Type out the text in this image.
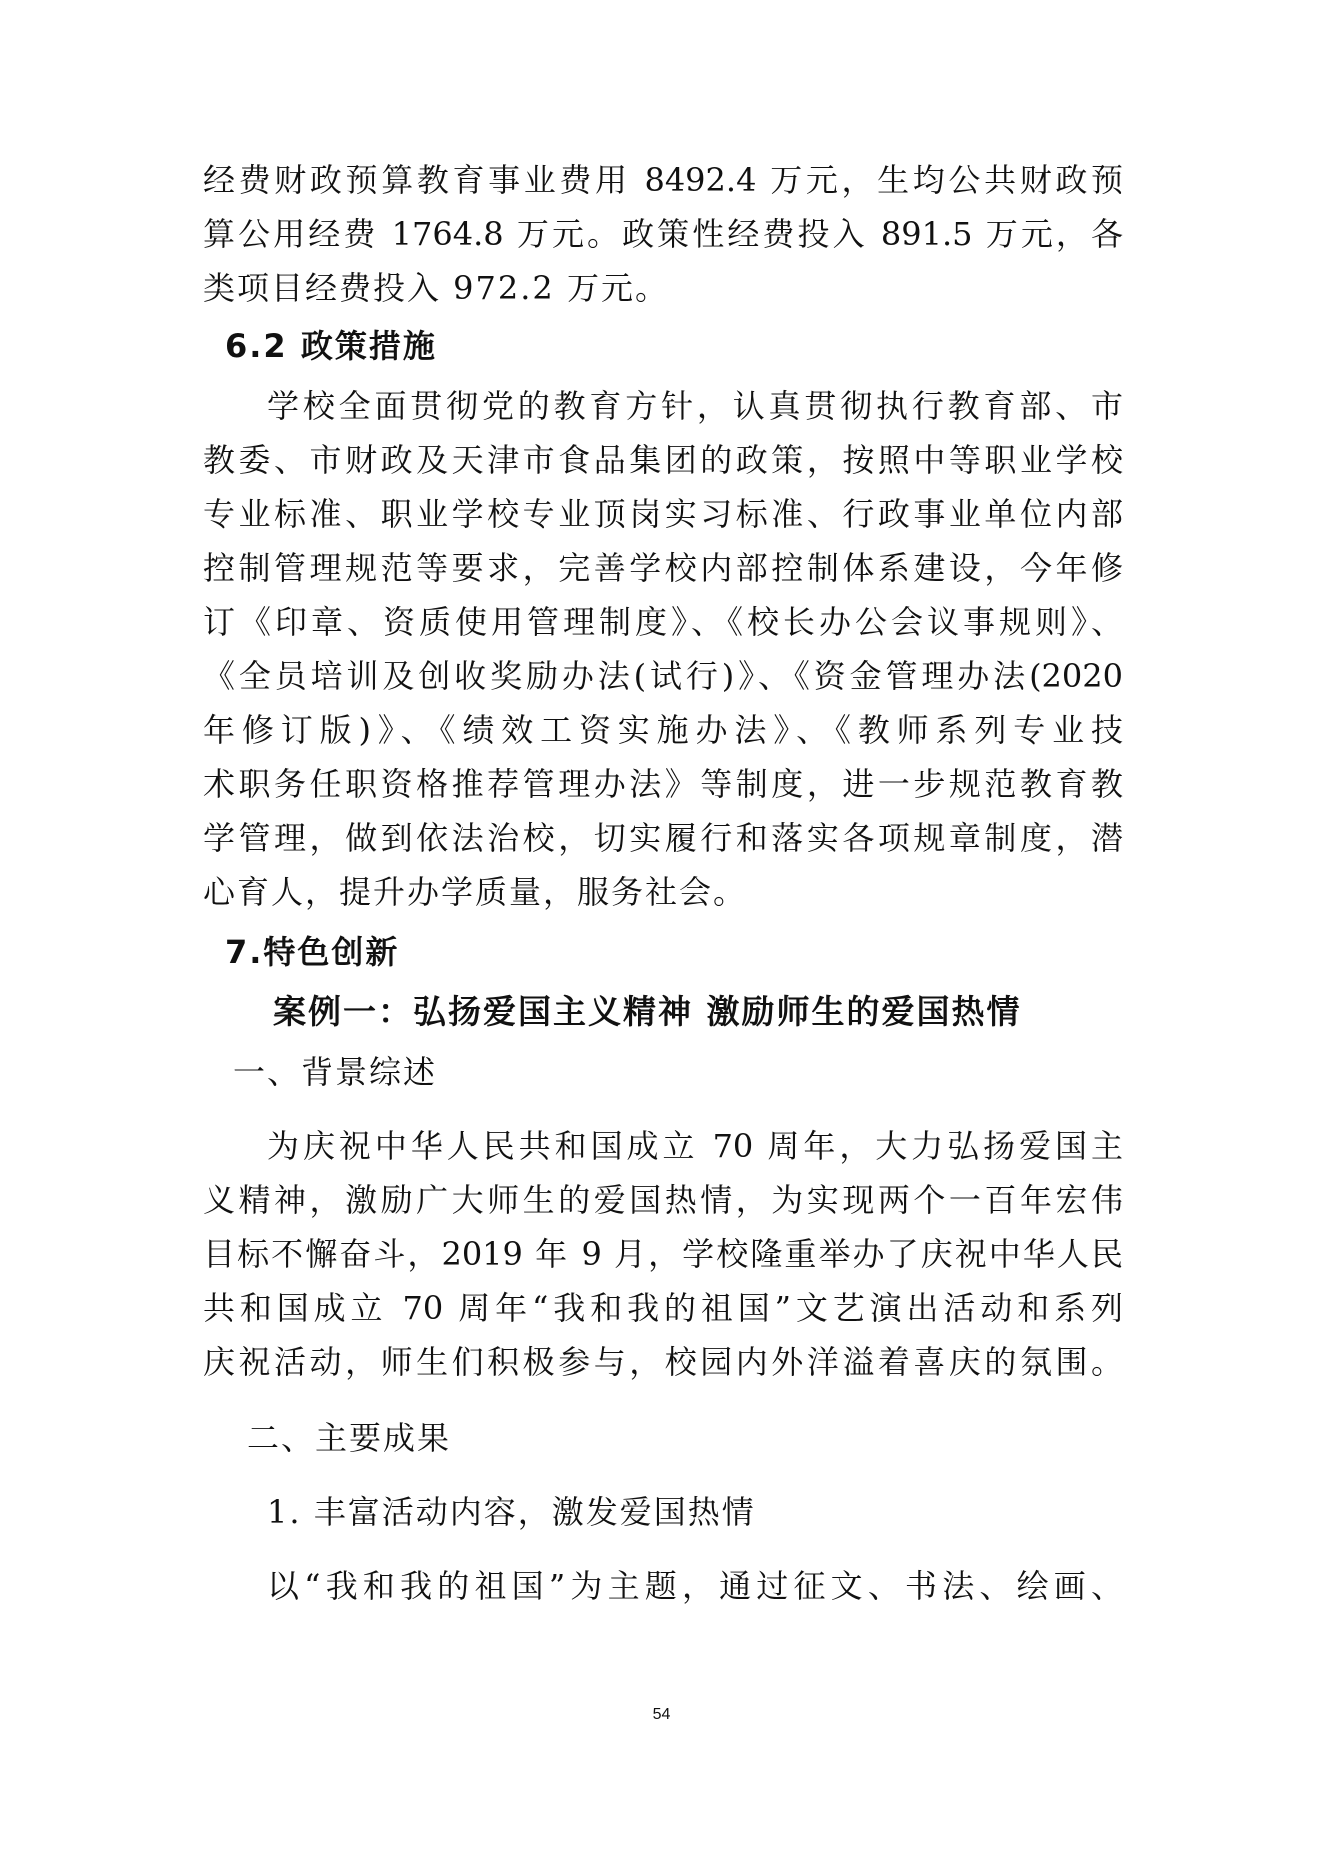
经费财政预算教育事业费用 8492.4 万元，生均公共财政预
算公用经费 1764.8 万元。政策性经费投入 891.5 万元，各
类项目经费投入 972.2 万元。
6.2 政策措施
学校全面贯彻党的教育方针，认真贯彻执行教育部、市
教委、市财政及天津市食品集团的政策，按照中等职业学校
专业标准、职业学校专业顶岗实习标准、行政事业单位内部
控制管理规范等要求，完善学校内部控制体系建设，今年修
订《印章、资质使用管理制度》、《校长办公会议事规则》、
《全员培训及创收奖励办法(试行)》、《资金管理办法(2020
年修订版)》、《绩效工资实施办法》、《教师系列专业技
术职务任职资格推荐管理办法》等制度，进一步规范教育教
学管理，做到依法治校，切实履行和落实各项规章制度，潜
心育人，提升办学质量，服务社会。
7.特色创新
案例一：弘扬爱国主义精神 激励师生的爱国热情
一、背景综述
为庆祝中华人民共和国成立 70 周年，大力弘扬爱国主
义精神，激励广大师生的爱国热情，为实现两个一百年宏伟
目标不懈奋斗，2019 年 9 月，学校隆重举办了庆祝中华人民
共和国成立 70 周年“我和我的祖国”文艺演出活动和系列
庆祝活动，师生们积极参与，校园内外洋溢着喜庆的氛围。
二、主要成果
1. 丰富活动内容，激发爱国热情
以“我和我的祖国”为主题，通过征文、书法、绘画、
54
